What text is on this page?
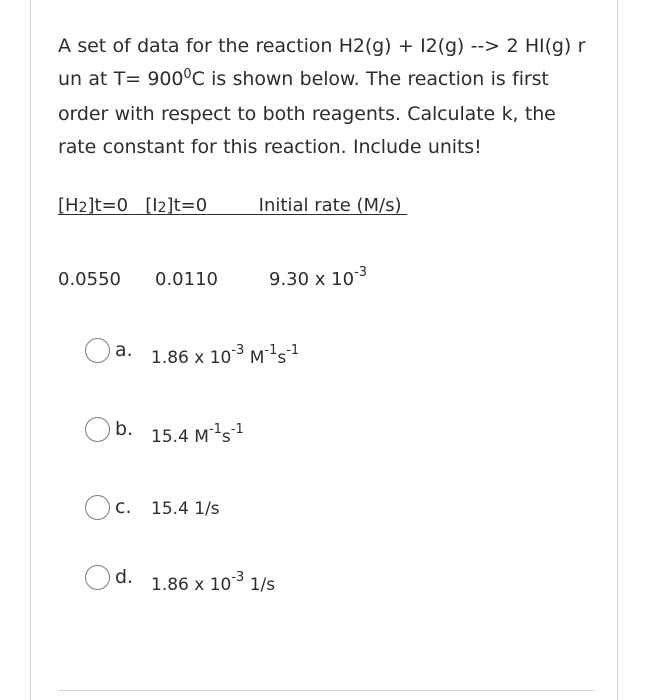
A set of data for the reaction H2(g) + I2(g) --> 2 HI(g) r
un at $T= 900^0C$ is shown below. The reaction is first
order with respect to both reagents. Calculate k, the
rate constant for this reaction. Include units!
[H2]t=0 [I2]t=0	Initial rate (M/s)
0.0550 0.0110	9.30 x $10^{-3}$
a. 1.86 x $10^{-3}$ $M^{-1}s^{-1}$
b. 15.4 $M^{-1}s^{-1}$
c. 15.4 1/s
d. 1.86 x $10^{-3}$ 1/s
